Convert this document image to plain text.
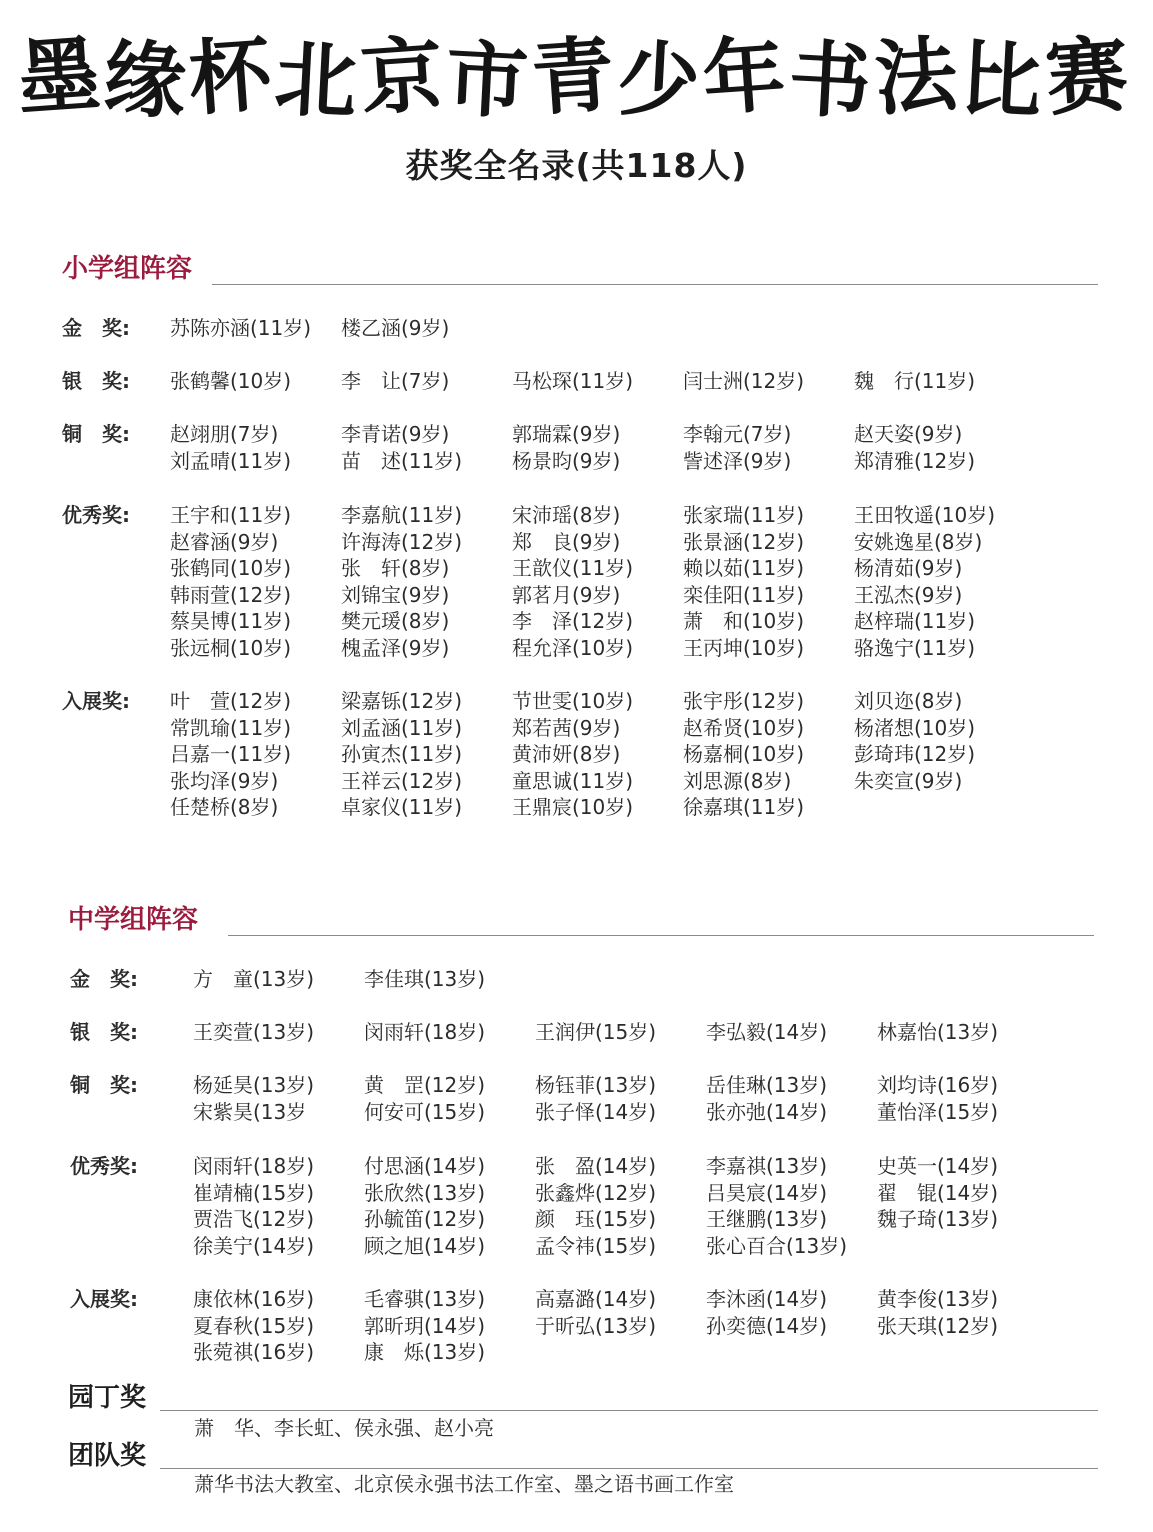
墨
缘
杯
北
京
市
青
少
年
书
法
比
赛
获奖全名录(共118人)
小学组阵容
金　奖: 苏陈亦涵(11岁)	楼乙涵(9岁)
银　奖: 张鹤馨(10岁)	李　让(7岁)	马松琛(11岁)	闫士洲(12岁)	魏　行(11岁)
铜　奖: 赵翊朋(7岁)	李青诺(9岁)	郭瑞霖(9岁)	李翰元(7岁)	赵天姿(9岁)
刘孟晴(11岁)	苗　述(11岁)	杨景昀(9岁)	訾述泽(9岁)	郑清雅(12岁)
优秀奖: 王宇和(11岁)	李嘉航(11岁)	宋沛瑶(8岁)	张家瑞(11岁)	王田牧遥(10岁)
赵睿涵(9岁)	许海涛(12岁)	郑　良(9岁)	张景涵(12岁)	安姚逸星(8岁)
张鹤同(10岁)	张　轩(8岁)	王歆仪(11岁)	赖以茹(11岁)	杨清茹(9岁)
韩雨萱(12岁)	刘锦宝(9岁)	郭茗月(9岁)	栾佳阳(11岁)	王泓杰(9岁)
蔡昊博(11岁)	樊元瑗(8岁)	李　泽(12岁)	萧　和(10岁)	赵梓瑞(11岁)
张远桐(10岁)	槐孟泽(9岁)	程允泽(10岁)	王丙坤(10岁)	骆逸宁(11岁)
入展奖: 叶　萱(12岁)	梁嘉铄(12岁)	节世雯(10岁)	张宇彤(12岁)	刘贝迩(8岁)
常凯瑜(11岁)	刘孟涵(11岁)	郑若茜(9岁)	赵希贤(10岁)	杨渚想(10岁)
吕嘉一(11岁)	孙寅杰(11岁)	黄沛妍(8岁)	杨嘉桐(10岁)	彭琦玮(12岁)
张均泽(9岁)	王祥云(12岁)	童思诚(11岁)	刘思源(8岁)	朱奕宣(9岁)
任楚桥(8岁)	卓家仪(11岁)	王鼎宸(10岁)	徐嘉琪(11岁)
中学组阵容
金　奖:	方　童(13岁)	李佳琪(13岁)
银　奖:	王奕萱(13岁)	闵雨轩(18岁)	王润伊(15岁)	李弘毅(14岁)	林嘉怡(13岁)
铜　奖:	杨延昊(13岁)	黄　罡(12岁)	杨钰菲(13岁)	岳佳琳(13岁)	刘均诗(16岁)
宋紫昊(13岁	何安可(15岁)	张子怿(14岁)	张亦弛(14岁)	董怡泽(15岁)
优秀奖:	闵雨轩(18岁)	付思涵(14岁)	张　盈(14岁)	李嘉祺(13岁)	史英一(14岁)
崔靖楠(15岁)	张欣然(13岁)	张鑫烨(12岁)	吕昊宸(14岁)	翟　锟(14岁)
贾浩飞(12岁)	孙毓笛(12岁)	颜　珏(15岁)	王继鹏(13岁)	魏子琦(13岁)
徐美宁(14岁)	顾之旭(14岁)	孟令祎(15岁)	张心百合(13岁)
入展奖:	康依林(16岁)	毛睿骐(13岁)	高嘉潞(14岁)	李沐函(14岁)	黄李俊(13岁)
夏春秋(15岁)	郭昕玥(14岁)	于昕弘(13岁)	孙奕德(14岁)	张天琪(12岁)
张菀祺(16岁)	康　烁(13岁)
园丁奖
萧　华、李长虹、侯永强、赵小亮
团队奖
萧华书法大教室、北京侯永强书法工作室、墨之语书画工作室
